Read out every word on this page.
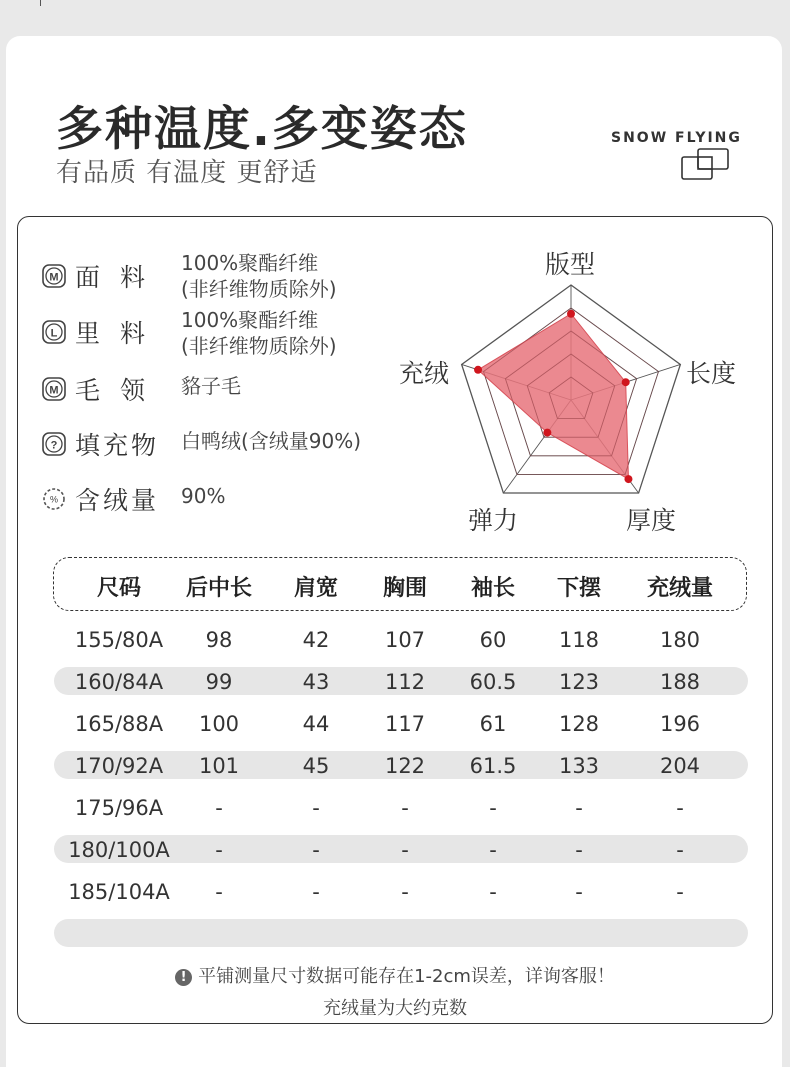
多种温度.多变姿态
有品质 有温度 更舒适
SNOW FLYING
M 面料 100%聚酯纤维
(非纤维物质除外)
L 里料 100%聚酯纤维
(非纤维物质除外)
M 毛领 貉子毛
? 填充物	白鸭绒(含绒量90%)
% 含绒量	90%
版型
长度
厚度
弹力
充绒
尺码 后中长 肩宽 胸围 袖长 下摆 充绒量
155/80A 98	42	107	60	118	180
160/84A 99	43	112 60.5 123	188
165/88A 100	44	117	61	128	196
170/92A 101	45	122 61.5 133	204
175/96A -	-	-	-	-	-
180/100A -	-	-	-	-	-
185/104A -	-	-	-	-	-
! 平铺测量尺寸数据可能存在1-2cm误差，详询客服！
充绒量为大约克数
